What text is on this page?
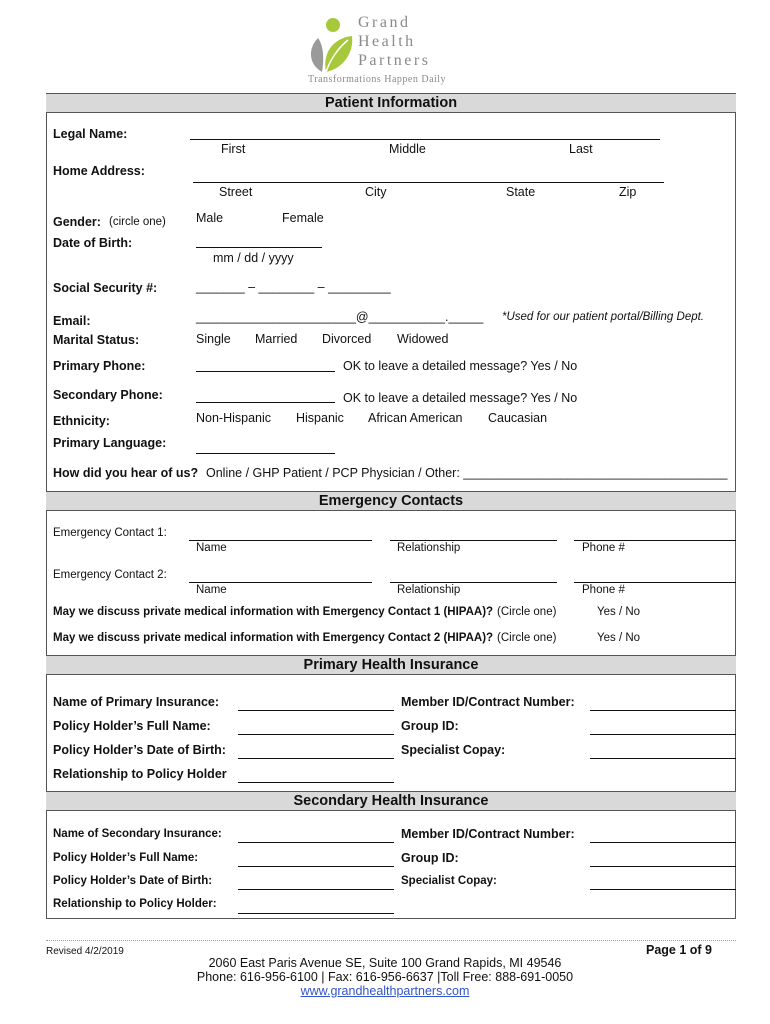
Grand
Health
Partners
Transformations Happen Daily
Patient Information
Legal Name:
First	Middle	Last
Home Address:
Street	City	State	Zip
Gender: (circle one) Male	Female
Date of Birth:
mm / dd / yyyy
Social Security #:	_______ – ________ – _________
Email:	_______________________@___________._____ *Used for our patient portal/Billing Dept.
Marital Status:	Single Married Divorced Widowed
Primary Phone:	OK to leave a detailed message? Yes / No
Secondary Phone:	OK to leave a detailed message? Yes / No
Ethnicity:	Non-Hispanic Hispanic African American Caucasian
Primary Language:
How did you hear of us? Online / GHP Patient / PCP Physician / Other: ______________________________________
Emergency Contacts
Emergency Contact 1:
Name	Relationship	Phone #
Emergency Contact 2:
Name	Relationship	Phone #
May we discuss private medical information with Emergency Contact 1 (HIPAA)? (Circle one)	Yes / No
May we discuss private medical information with Emergency Contact 2 (HIPAA)? (Circle one)	Yes / No
Primary Health Insurance
Name of Primary Insurance:	Member ID/Contract Number:
Policy Holder’s Full Name:	Group ID:
Policy Holder’s Date of Birth:	Specialist Copay:
Relationship to Policy Holder
Secondary Health Insurance
Name of Secondary Insurance:	Member ID/Contract Number:
Policy Holder’s Full Name:	Group ID:
Policy Holder’s Date of Birth:	Specialist Copay:
Relationship to Policy Holder:
Revised 4/2/2019	Page 1 of 9
2060 East Paris Avenue SE, Suite 100 Grand Rapids, MI 49546
Phone: 616-956-6100 | Fax: 616-956-6637 |Toll Free: 888-691-0050
www.grandhealthpartners.com
